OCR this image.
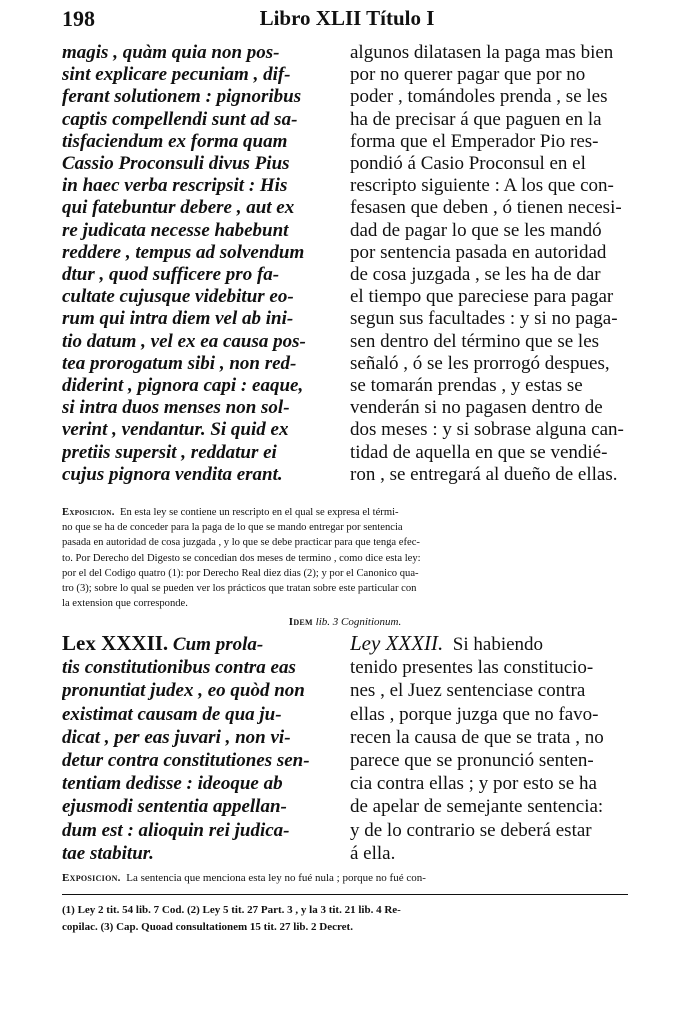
198	Libro XLII Título I
magis , quàm quia non pos-
sint explicare pecuniam , dif-
ferant solutionem : pignoribus
captis compellendi sunt ad sa-
tisfaciendum ex forma quam
Cassio Proconsuli divus Pius
in haec verba rescripsit : His
qui fatebuntur debere , aut ex
re judicata necesse habebunt
reddere , tempus ad solvendum
dtur , quod sufficere pro fa-
cultate cujusque videbitur eo-
rum qui intra diem vel ab ini-
tio datum , vel ex ea causa pos-
tea prorogatum sibi , non red-
diderint , pignora capi : eaque,
si intra duos menses non sol-
verint , vendantur. Si quid ex
pretiis supersit , reddatur ei
cujus pignora vendita erant.
algunos dilatasen la paga mas bien
por no querer pagar que por no
poder , tomándoles prenda , se les
ha de precisar á que paguen en la
forma que el Emperador Pio res-
pondió á Casio Proconsul en el
rescripto siguiente : A los que con-
fesasen que deben , ó tienen necesi-
dad de pagar lo que se les mandó
por sentencia pasada en autoridad
de cosa juzgada , se les ha de dar
el tiempo que pareciese para pagar
segun sus facultades : y si no paga-
sen dentro del término que se les
señaló , ó se les prorrogó despues,
se tomarán prendas , y estas se
venderán si no pagasen dentro de
dos meses : y si sobrase alguna can-
tidad de aquella en que se vendié-
ron , se entregará al dueño de ellas.
Exposicion. En esta ley se contiene un rescripto en el qual se expresa el térmi-
no que se ha de conceder para la paga de lo que se mando entregar por sentencia
pasada en autoridad de cosa juzgada , y lo que se debe practicar para que tenga efec-
to. Por Derecho del Digesto se concedian dos meses de termino , como dice esta ley:
por el del Codigo quatro (1): por Derecho Real diez dias (2); y por el Canonico qua-
tro (3); sobre lo qual se pueden ver los prácticos que tratan sobre este particular con
la extension que corresponde.
Idem lib. 3 Cognitionum.
Lex XXXII. Cum prola-
tis constitutionibus contra eas
pronuntiat judex , eo quòd non
existimat causam de qua ju-
dicat , per eas juvari , non vi-
detur contra constitutiones sen-
tentiam dedisse : ideoque ab
ejusmodi sententia appellan-
dum est : alioquin rei judica-
tae stabitur.
Ley XXXII. Si habiendo
tenido presentes las constitucio-
nes , el Juez sentenciase contra
ellas , porque juzga que no favo-
recen la causa de que se trata , no
parece que se pronunció senten-
cia contra ellas ; y por esto se ha
de apelar de semejante sentencia:
y de lo contrario se deberá estar
á ella.
Exposicion. La sentencia que menciona esta ley no fué nula ; porque no fué con-
(1) Ley 2 tit. 54 lib. 7 Cod. (2) Ley 5 tit. 27 Part. 3 , y la 3 tit. 21 lib. 4 Re-
copilac. (3) Cap. Quoad consultationem 15 tit. 27 lib. 2 Decret.
